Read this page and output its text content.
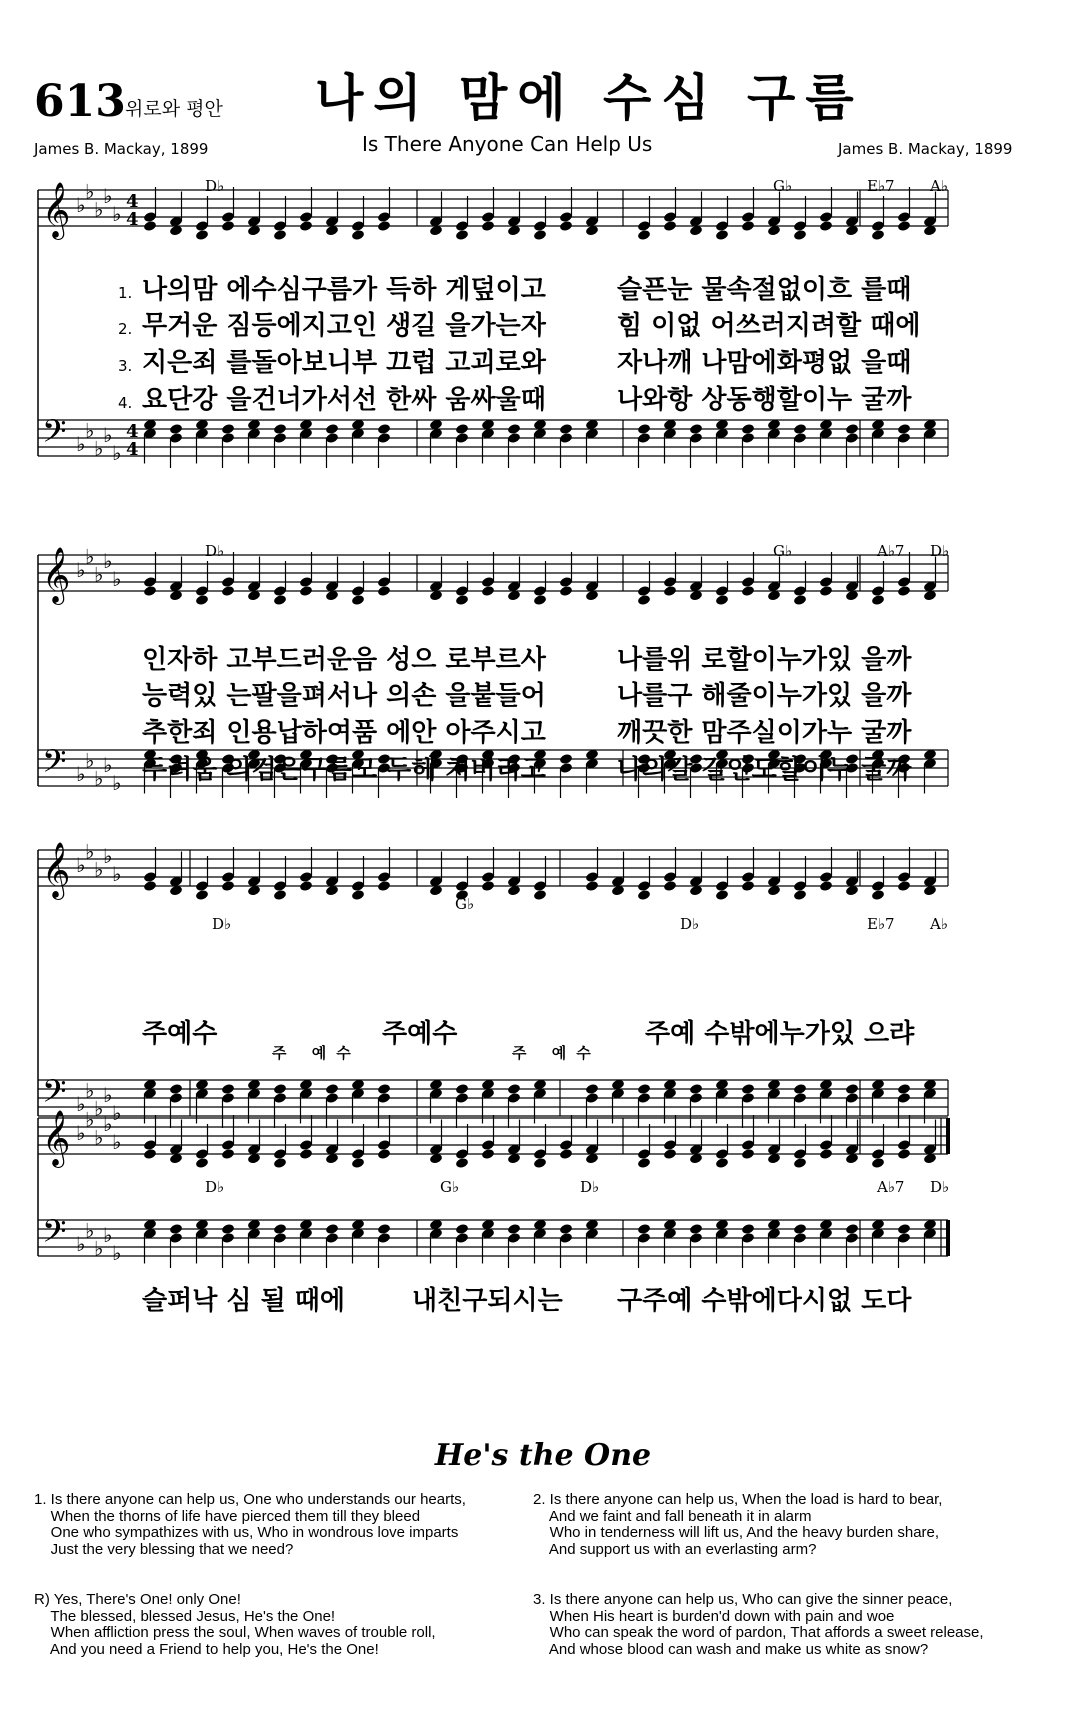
613 위로와 평안 나의 맘에 수심 구름
Is There Anyone Can Help Us
James B. Mackay, 1899	James B. Mackay, 1899
𝄞
𝄢
♭
♭
♭
♭
♭
♭
♭
♭
♭
♭
4
4
4
4
𝄞
𝄢
♭
♭
♭
♭
♭
♭
♭
♭
♭
♭
𝄞
𝄢
♭
♭
♭
♭
♭
♭
♭
♭
♭
♭
𝄞
𝄢
♭
♭
♭
♭
♭
♭
♭
♭
♭
♭
1. 나의맘 에수심구름가 득하 게덮이고	슬픈눈 물속절없이흐 를때
2. 무거운 짐등에지고인 생길 을가는자	힘 이없 어쓰러지려할 때에
3. 지은죄 를돌아보니부 끄럽 고괴로와	자나깨 나맘에화평없 을때
4. 요단강 을건너가서선 한싸 움싸울때	나와항 상동행할이누 굴까
인자하 고부드러운음 성으 로부르사	나를위 로할이누가있 을까
능력있 는팔을펴서나 의손 을붙들어	나를구 해줄이누가있 을까
추한죄 인용납하여품 에안 아주시고	깨끗한 맘주실이가누 굴까
두려움 의검은구름모 두헤 쳐버리고	나의갈 길인도할이누 굴까
주예수	주예수	주예 수밖에누가있 으랴
주 예수	주 예수
슬퍼낙 심 될 때에	내친구되시는 구주예 수밖에다시없 도다
D♭	G♭	E♭7 A♭
D♭	G♭	A♭7 D♭
D♭
G♭
D♭	E♭7 A♭
D♭	G♭	D♭	A♭7 D♭
He's the One
1. Is there anyone can help us, One who understands our hearts,
When the thorns of life have pierced them till they bleed
One who sympathizes with us, Who in wondrous love imparts
Just the very blessing that we need?
R) Yes, There's One! only One!
The blessed, blessed Jesus, He's the One!
When affliction press the soul, When waves of trouble roll,
And you need a Friend to help you, He's the One!
2. Is there anyone can help us, When the load is hard to bear,
And we faint and fall beneath it in alarm
Who in tenderness will lift us, And the heavy burden share,
And support us with an everlasting arm?
3. Is there anyone can help us, Who can give the sinner peace,
When His heart is burden'd down with pain and woe
Who can speak the word of pardon, That affords a sweet release,
And whose blood can wash and make us white as snow?
